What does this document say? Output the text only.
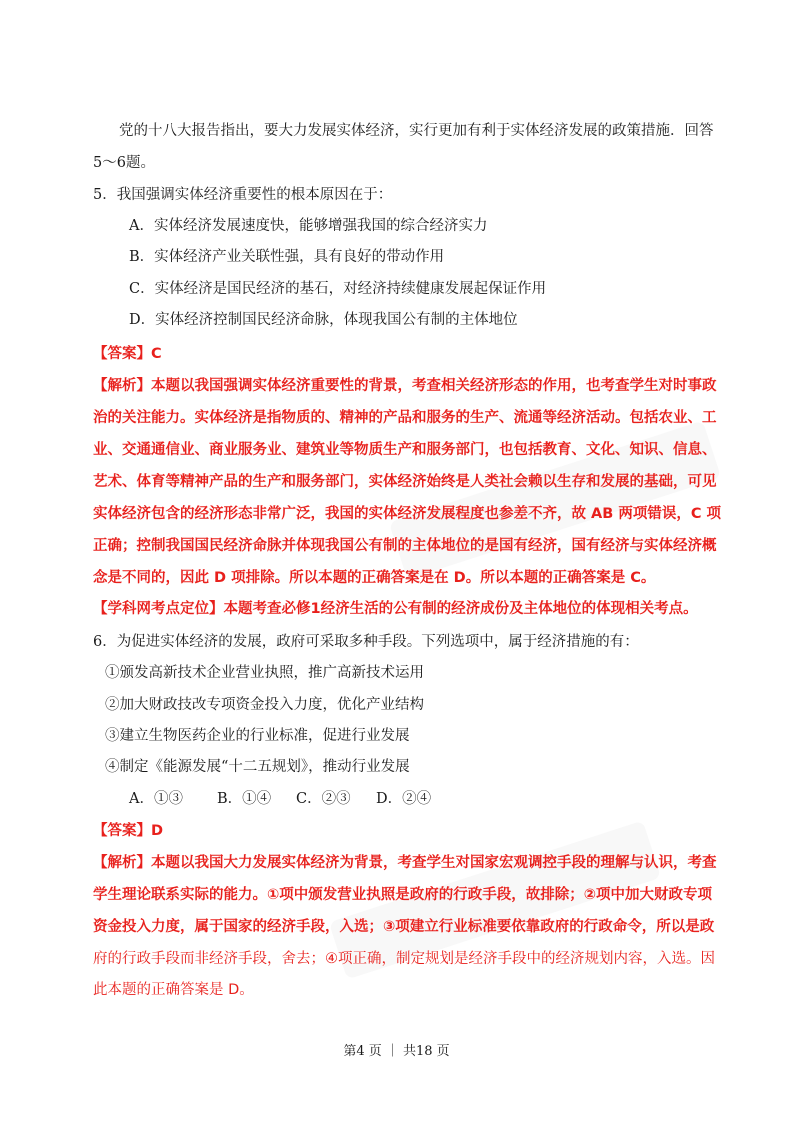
党的十八大报告指出，要大力发展实体经济，实行更加有利于实体经济发展的政策措施．回答
5～6题。
5．我国强调实体经济重要性的根本原因在于：
A．实体经济发展速度快，能够增强我国的综合经济实力
B．实体经济产业关联性强，具有良好的带动作用
C．实体经济是国民经济的基石，对经济持续健康发展起保证作用
D．实体经济控制国民经济命脉，体现我国公有制的主体地位
【答案】C
【解析】本题以我国强调实体经济重要性的背景，考查相关经济形态的作用，也考查学生对时事政
治的关注能力。实体经济是指物质的、精神的产品和服务的生产、流通等经济活动。包括农业、工
业、交通通信业、商业服务业、建筑业等物质生产和服务部门，也包括教育、文化、知识、信息、
艺术、体育等精神产品的生产和服务部门，实体经济始终是人类社会赖以生存和发展的基础，可见
实体经济包含的经济形态非常广泛，我国的实体经济发展程度也参差不齐，故 AB 两项错误，C 项
正确；控制我国国民经济命脉并体现我国公有制的主体地位的是国有经济，国有经济与实体经济概
念是不同的，因此 D 项排除。所以本题的正确答案是在 D。所以本题的正确答案是 C。
【学科网考点定位】本题考查必修1经济生活的公有制的经济成份及主体地位的体现相关考点。
6．为促进实体经济的发展，政府可采取多种手段。下列选项中，属于经济措施的有：
①颁发高新技术企业营业执照，推广高新技术运用
②加大财政技改专项资金投入力度，优化产业结构
③建立生物医药企业的行业标准，促进行业发展
④制定《能源发展“十二五规划》，推动行业发展
A．①③ B．①④ C．②③ D．②④
【答案】D
【解析】本题以我国大力发展实体经济为背景，考查学生对国家宏观调控手段的理解与认识，考查
学生理论联系实际的能力。①项中颁发营业执照是政府的行政手段，故排除；②项中加大财政专项
资金投入力度，属于国家的经济手段，入选；③项建立行业标准要依靠政府的行政命令，所以是政
府的行政手段而非经济手段，舍去；④项正确，制定规划是经济手段中的经济规划内容，入选。因
此本题的正确答案是 D。
第4 页 ｜ 共18 页
